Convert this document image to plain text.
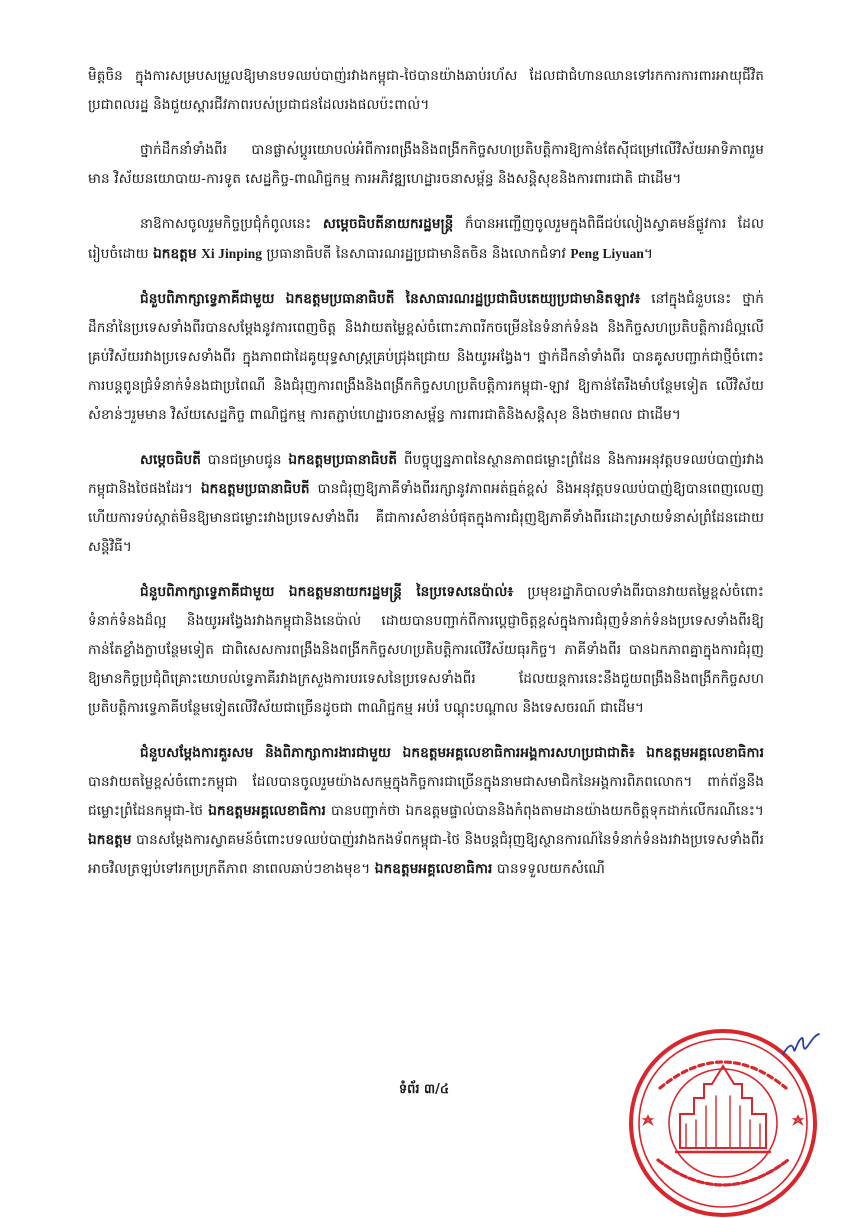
មិត្តចិន ក្នុងការសម្របសម្រួលឱ្យមានបទឈប់បាញ់រវាងកម្ពុជា-ថៃបានយ៉ាងឆាប់រហ័ស ដែលជាជំហានឈានទៅរកការការពារអាយុជីវិតប្រជាពលរដ្ឋ និងជួយស្តារជីវភាពរបស់ប្រជាជនដែលរងផលប៉ះពាល់។

ថ្នាក់ដឹកនាំទាំងពីរ បានផ្លាស់ប្តូរយោបល់អំពីការពង្រឹងនិងពង្រីកកិច្ចសហប្រតិបត្តិការឱ្យកាន់តែស៊ីជម្រៅលើវិស័យអាទិភាពរួមមាន វិស័យនយោបាយ-ការទូត សេដ្ឋកិច្ច-ពាណិជ្ជកម្ម ការអភិវឌ្ឍហេដ្ឋារចនាសម្ព័ន្ធ និងសន្តិសុខនិងការពារជាតិ ជាដើម។

នាឱកាសចូលរួមកិច្ចប្រជុំកំពូលនេះ សម្តេចធិបតីនាយករដ្ឋមន្ត្រី ក៏បានអញ្ជើញចូលរួមក្នុងពិធីជប់លៀងស្វាគមន៍ផ្លូវការ ដែលរៀបចំដោយ ឯកឧត្តម Xi Jinping ប្រធានាធិបតី នៃសាធារណរដ្ឋប្រជាមានិតចិន និងលោកជំទាវ Peng Liyuan។

ជំនួបពិភាក្សាទ្វេភាគីជាមួយ ឯកឧត្តមប្រធានាធិបតី នៃសាធារណរដ្ឋប្រជាធិបតេយ្យប្រជាមានិតឡាវ៖ នៅក្នុងជំនួបនេះ ថ្នាក់ដឹកនាំនៃប្រទេសទាំងពីរបានសម្តែងនូវការពេញចិត្ត និងវាយតម្លៃខ្ពស់ចំពោះភាពរីកចម្រើននៃទំនាក់ទំនង និងកិច្ចសហប្រតិបត្តិការដ៏ល្អលើគ្រប់វិស័យរវាងប្រទេសទាំងពីរ ក្នុងភាពជាដៃគូយុទ្ធសាស្ត្រគ្រប់ជ្រុងជ្រោយ និងយូរអង្វែង។ ថ្នាក់ដឹកនាំទាំងពីរ បានគូសបញ្ជាក់ជាថ្មីចំពោះការបន្តពូនជ្រំទំនាក់ទំនងជាប្រពៃណី និងជំរុញការពង្រឹងនិងពង្រីកកិច្ចសហប្រតិបត្តិការកម្ពុជា-ឡាវ ឱ្យកាន់តែរឹងមាំបន្ថែមទៀត លើវិស័យសំខាន់ៗរួមមាន វិស័យសេដ្ឋកិច្ច ពាណិជ្ជកម្ម ការតភ្ជាប់ហេដ្ឋារចនាសម្ព័ន្ធ ការពារជាតិនិងសន្តិសុខ និងថាមពល ជាដើម។

សម្តេចធិបតី បានជម្រាបជូន ឯកឧត្តមប្រធានាធិបតី ពីបច្ចុប្បន្នភាពនៃស្ថានភាពជម្លោះព្រំដែន និងការអនុវត្តបទឈប់បាញ់រវាងកម្ពុជានិងថៃផងដែរ។ ឯកឧត្តមប្រធានាធិបតី បានជំរុញឱ្យភាគីទាំងពីររក្សានូវភាពអត់ធ្មត់ខ្ពស់ និងអនុវត្តបទឈប់បាញ់ឱ្យបានពេញលេញ ហើយការទប់ស្កាត់មិនឱ្យមានជម្លោះរវាងប្រទេសទាំងពីរ គឺជាការសំខាន់បំផុតក្នុងការជំរុញឱ្យភាគីទាំងពីរដោះស្រាយទំនាស់ព្រំដែនដោយសន្តិវិធី។

ជំនួបពិភាក្សាទ្វេភាគីជាមួយ ឯកឧត្តមនាយករដ្ឋមន្ត្រី នៃប្រទេសនេប៉ាល់៖ ប្រមុខរដ្ឋាភិបាលទាំងពីរបានវាយតម្លៃខ្ពស់ចំពោះទំនាក់ទំនងដ៏ល្អ និងយូរអង្វែងរវាងកម្ពុជានិងនេប៉ាល់ ដោយបានបញ្ជាក់ពីការប្តេជ្ញាចិត្តខ្ពស់ក្នុងការជំរុញទំនាក់ទំនងប្រទេសទាំងពីរឱ្យកាន់តែខ្លាំងក្លាបន្ថែមទៀត ជាពិសេសការពង្រឹងនិងពង្រីកកិច្ចសហប្រតិបត្តិការលើវិស័យធុរកិច្ច។ ភាគីទាំងពីរ បានឯកភាពគ្នាក្នុងការជំរុញឱ្យមានកិច្ចប្រជុំពិគ្រោះយោបល់ទ្វេភាគីរវាងក្រសួងការបរទេសនៃប្រទេសទាំងពីរ ដែលយន្តការនេះនឹងជួយពង្រឹងនិងពង្រីកកិច្ចសហប្រតិបត្តិការទ្វេភាគីបន្ថែមទៀតលើវិស័យជាច្រើនដូចជា ពាណិជ្ជកម្ម អប់រំ បណ្តុះបណ្តាល និងទេសចរណ៍ ជាដើម។

ជំនួបសម្តែងការគួរសម និងពិភាក្សាការងារជាមួយ ឯកឧត្តមអគ្គលេខាធិការអង្គការសហប្រជាជាតិ៖ ឯកឧត្តមអគ្គលេខាធិការ បានវាយតម្លៃខ្ពស់ចំពោះកម្ពុជា ដែលបានចូលរួមយ៉ាងសកម្មក្នុងកិច្ចការជាច្រើនក្នុងនាមជាសមាជិកនៃអង្គការពិភពលោក។ ពាក់ព័ន្ធនឹងជម្លោះព្រំដែនកម្ពុជា-ថៃ ឯកឧត្តមអគ្គលេខាធិការ បានបញ្ជាក់ថា ឯកឧត្តមផ្ទាល់បាននិងកំពុងតាមដានយ៉ាងយកចិត្តទុកដាក់លើករណីនេះ។ ឯកឧត្តម បានសម្តែងការស្វាគមន៍ចំពោះបទឈប់បាញ់រវាងកងទ័ពកម្ពុជា-ថៃ និងបន្តជំរុញឱ្យស្ថានការណ៍នៃទំនាក់ទំនងរវាងប្រទេសទាំងពីរអាចវិលត្រឡប់ទៅរកប្រក្រតីភាព នាពេលឆាប់ៗខាងមុខ។ ឯកឧត្តមអគ្គលេខាធិការ បានទទួលយកសំណើ

ទំព័រ ៣/៤
